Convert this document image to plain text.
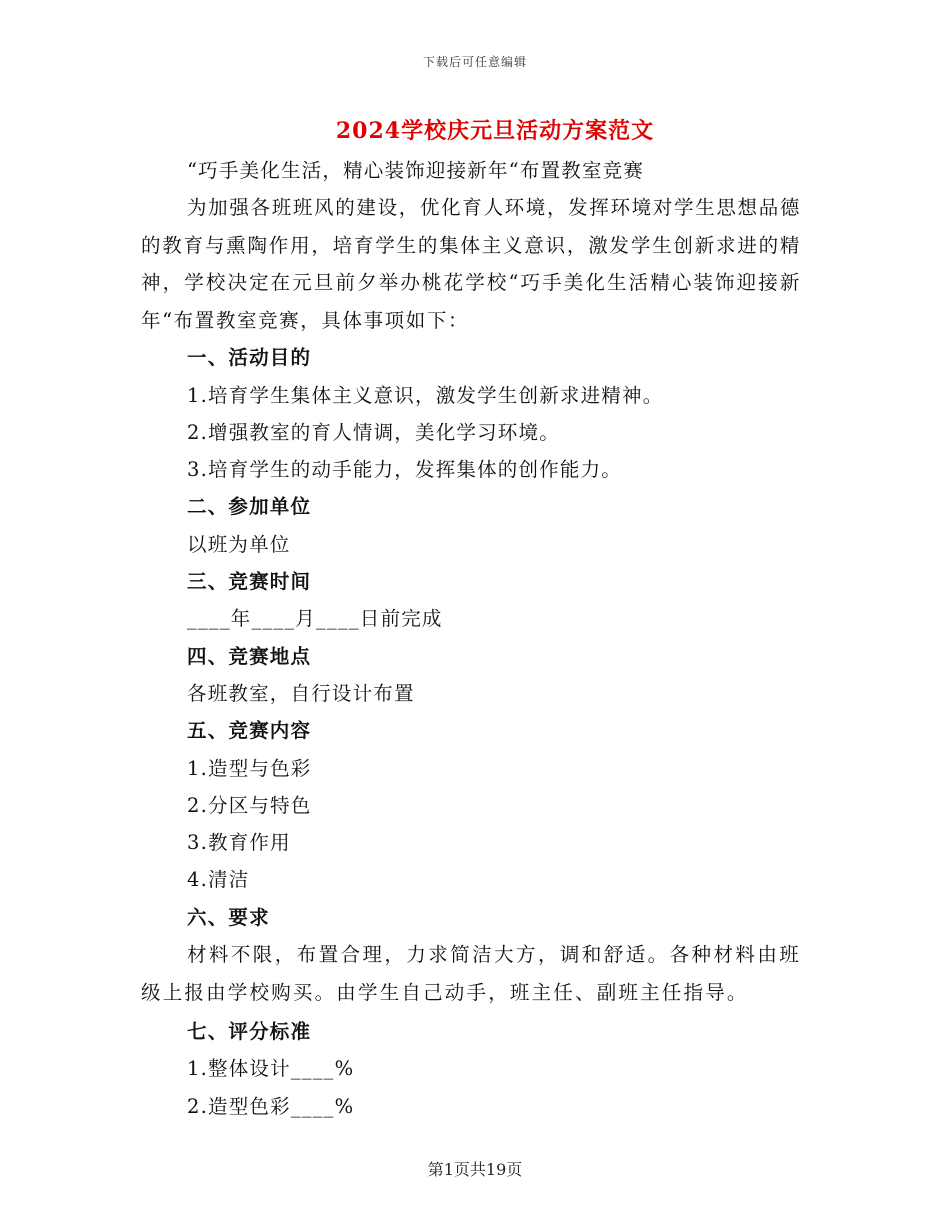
下载后可任意编辑
2024学校庆元旦活动方案范文
“巧手美化生活，精心装饰迎接新年“布置教室竞赛
为加强各班班风的建设，优化育人环境，发挥环境对学生思想品德的教育与熏陶作用，培育学生的集体主义意识，激发学生创新求进的精神，学校决定在元旦前夕举办桃花学校“巧手美化生活精心装饰迎接新年“布置教室竞赛，具体事项如下：
一、活动目的
1.培育学生集体主义意识，激发学生创新求进精神。
2.增强教室的育人情调，美化学习环境。
3.培育学生的动手能力，发挥集体的创作能力。
二、参加单位
以班为单位
三、竞赛时间
____年____月____日前完成
四、竞赛地点
各班教室，自行设计布置
五、竞赛内容
1.造型与色彩
2.分区与特色
3.教育作用
4.清洁
六、要求
材料不限，布置合理，力求简洁大方，调和舒适。各种材料由班级上报由学校购买。由学生自己动手，班主任、副班主任指导。
七、评分标准
1.整体设计____%
2.造型色彩____%
第1页共19页
